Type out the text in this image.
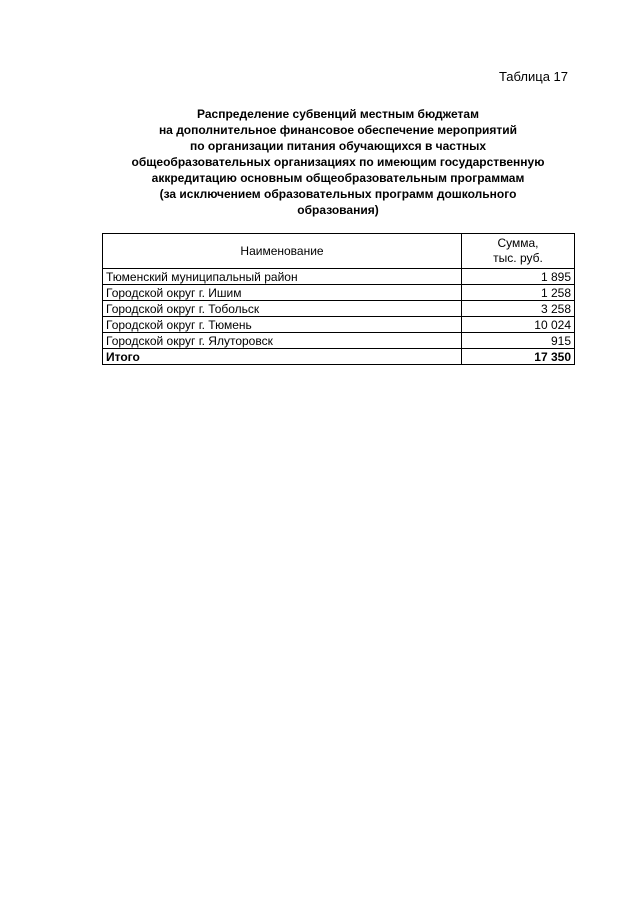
Таблица 17
Распределение субвенций местным бюджетам
на дополнительное финансовое обеспечение мероприятий
по организации питания обучающихся в частных
общеобразовательных организациях по имеющим государственную
аккредитацию основным общеобразовательным программам
(за исключением образовательных программ дошкольного
образования)
Наименование	Сумма,
тыс. руб.
Тюменский муниципальный район	1 895
Городской округ г. Ишим	1 258
Городской округ г. Тобольск	3 258
Городской округ г. Тюмень	10 024
Городской округ г. Ялуторовск	915
Итого	17 350
